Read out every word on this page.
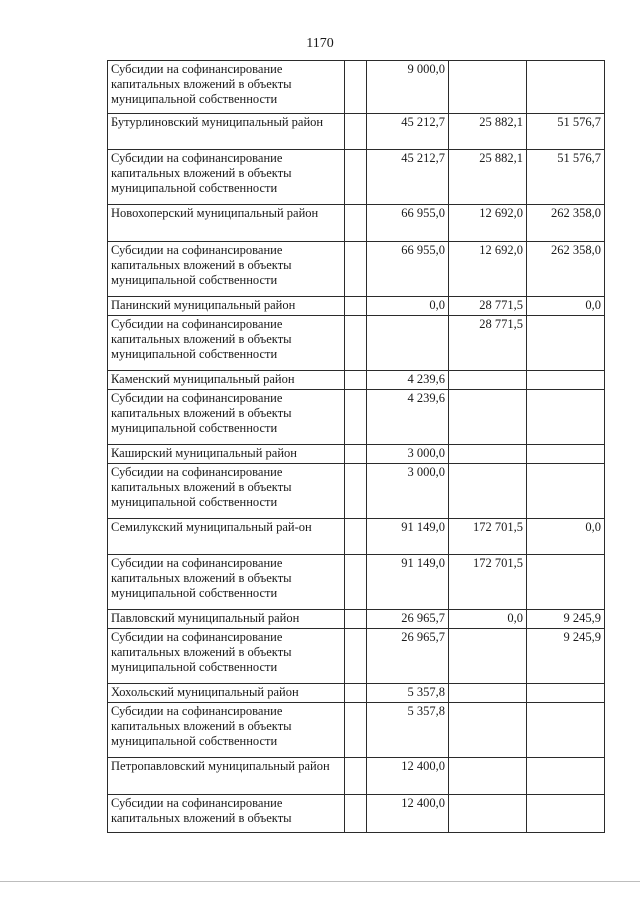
1170
Субсидии на софинансирование капитальных вложений в объекты муниципальной собственности		9 000,0		
Бутурлиновский муниципальный район		45 212,7	25 882,1	51 576,7
Субсидии на софинансирование капитальных вложений в объекты муниципальной собственности		45 212,7	25 882,1	51 576,7
Новохоперский муниципальный район		66 955,0	12 692,0	262 358,0
Субсидии на софинансирование капитальных вложений в объекты муниципальной собственности		66 955,0	12 692,0	262 358,0
Панинский муниципальный район		0,0	28 771,5	0,0
Субсидии на софинансирование капитальных вложений в объекты муниципальной собственности			28 771,5	
Каменский муниципальный район		4 239,6		
Субсидии на софинансирование капитальных вложений в объекты муниципальной собственности		4 239,6		
Каширский муниципальный район		3 000,0		
Субсидии на софинансирование капитальных вложений в объекты муниципальной собственности		3 000,0		
Семилукский муниципальный рай-он		91 149,0	172 701,5	0,0
Субсидии на софинансирование капитальных вложений в объекты муниципальной собственности		91 149,0	172 701,5	
Павловский муниципальный район		26 965,7	0,0	9 245,9
Субсидии на софинансирование капитальных вложений в объекты муниципальной собственности		26 965,7		9 245,9
Хохольский муниципальный район		5 357,8		
Субсидии на софинансирование капитальных вложений в объекты муниципальной собственности		5 357,8		
Петропавловский муниципальный район		12 400,0		
Субсидии на софинансирование капитальных вложений в объекты		12 400,0		
